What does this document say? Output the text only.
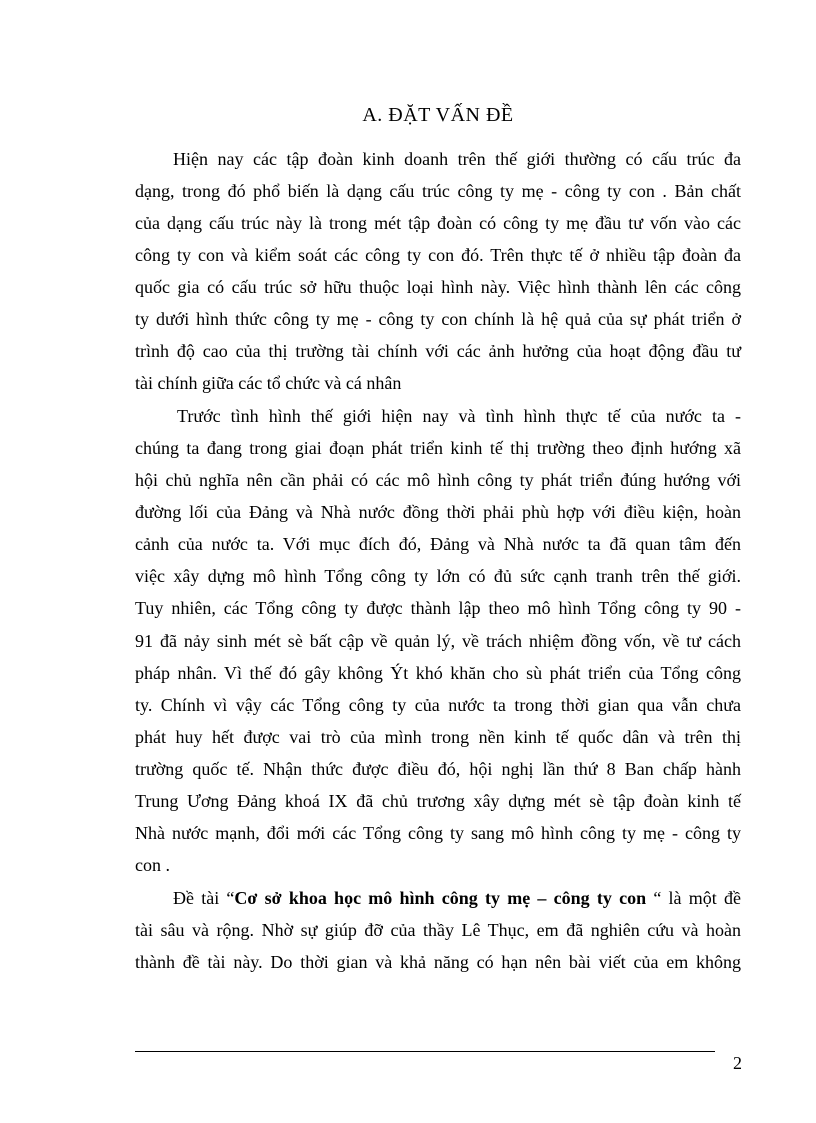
A. ĐẶT VẤN ĐỀ
Hiện nay các tập đoàn kinh doanh trên thế giới thường có cấu trúc đa
dạng, trong đó phổ biến là dạng cấu trúc công ty mẹ - công ty con . Bản chất
của dạng cấu trúc này là trong mét tập đoàn có công ty mẹ đầu tư vốn vào các
công ty con và kiểm soát các công ty con đó. Trên thực tế ở nhiều tập đoàn đa
quốc gia có cấu trúc sở hữu thuộc loại hình này. Việc hình thành lên các công
ty dưới hình thức công ty mẹ - công ty con chính là hệ quả của sự phát triển ở
trình độ cao của thị trường tài chính với các ảnh hưởng của hoạt động đầu tư
tài chính giữa các tổ chức và cá nhân
Trước tình hình thế giới hiện nay và tình hình thực tế của nước ta -
chúng ta đang trong giai đoạn phát triển kinh tế thị trường theo định hướng xã
hội chủ nghĩa nên cần phải có các mô hình công ty phát triển đúng hướng với
đường lối của Đảng và Nhà nước đồng thời phải phù hợp với điều kiện, hoàn
cảnh của nước ta. Với mục đích đó, Đảng và Nhà nước ta đã quan tâm đến
việc xây dựng mô hình Tổng công ty lớn có đủ sức cạnh tranh trên thế giới.
Tuy nhiên, các Tổng công ty được thành lập theo mô hình Tổng công ty 90 -
91 đã nảy sinh mét sè bất cập về quản lý, về trách nhiệm đồng vốn, về tư cách
pháp nhân. Vì thế đó gây không Ýt khó khăn cho sù phát triển của Tổng công
ty. Chính vì vậy các Tổng công ty của nước ta trong thời gian qua vẫn chưa
phát huy hết được vai trò của mình trong nền kinh tế quốc dân và trên thị
trường quốc tế. Nhận thức được điều đó, hội nghị lần thứ 8 Ban chấp hành
Trung Ương Đảng khoá IX đã chủ trương xây dựng mét sè tập đoàn kinh tế
Nhà nước mạnh, đổi mới các Tổng công ty sang mô hình công ty mẹ - công ty
con .
Đề tài “Cơ sở khoa học mô hình công ty mẹ – công ty con “ là một đề
tài sâu và rộng. Nhờ sự giúp đỡ của thầy Lê Thục, em đã nghiên cứu và hoàn
thành đề tài này. Do thời gian và khả năng có hạn nên bài viết của em không
2
